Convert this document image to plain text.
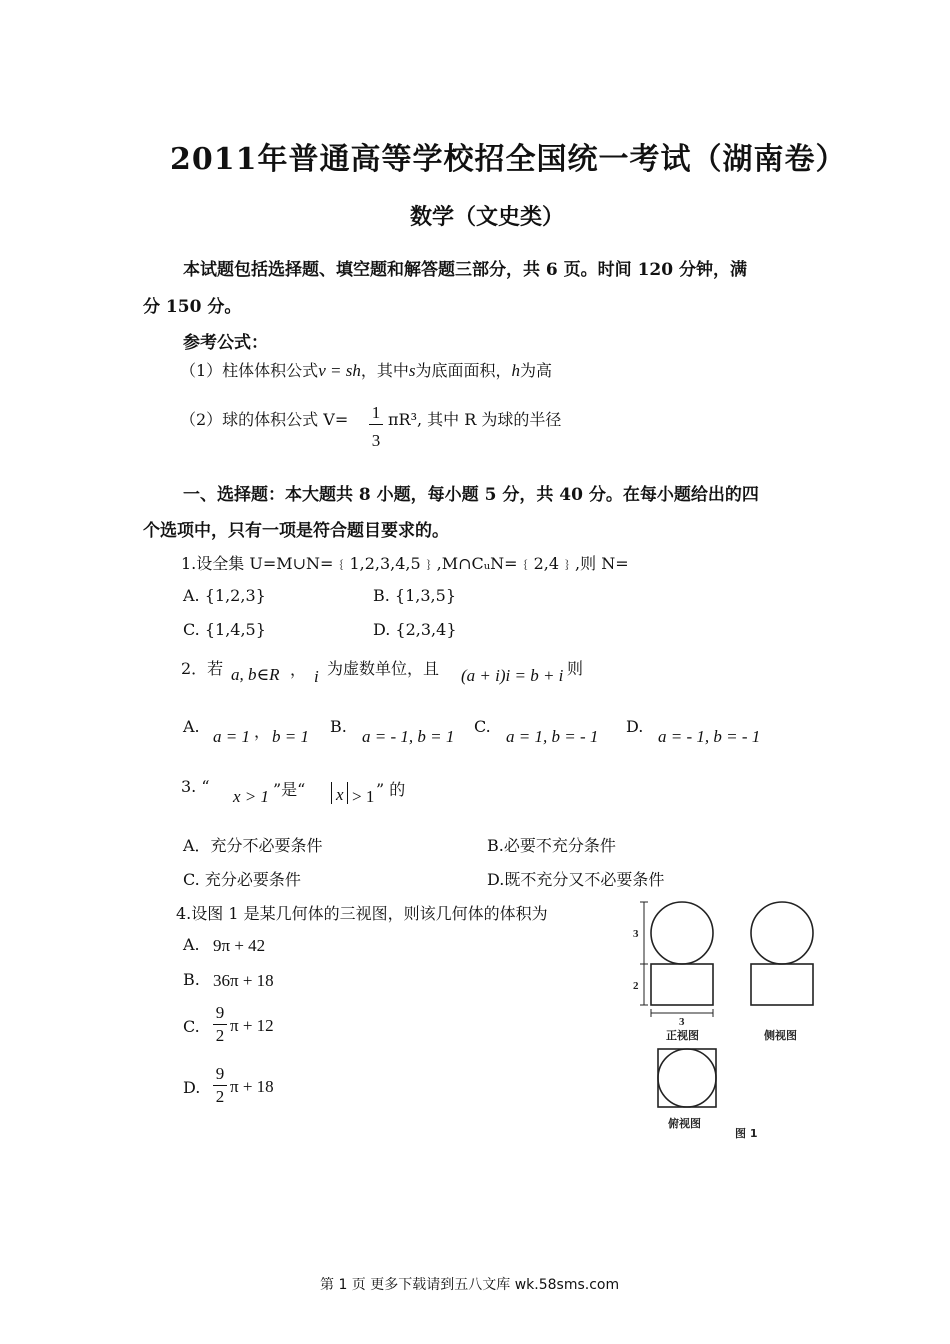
2011年普通高等学校招全国统一考试（湖南卷）
数学（文史类）
本试题包括选择题、填空题和解答题三部分，共 6 页。时间 120 分钟，满
分 150 分。
参考公式：
（1）柱体体积公式v = sh，其中s为底面面积，h为高
（2）球的体积公式 V= 1
3
πR³, 其中 R 为球的半径
一、选择题：本大题共 8 小题，每小题 5 分，共 40 分。在每小题给出的四
个选项中，只有一项是符合题目要求的。
1.设全集 U=M∪N=﹛1,2,3,4,5﹜,M∩CᵤN=﹛2,4﹜,则 N=
A. {1,2,3}	B. {1,3,5}
C. {1,4,5}	D. {2,3,4}
2．若 a, b∈R ， i 为虚数单位，且 (a + i)i = b + i 则
A.
a = 1 ， b = 1
B.
a = - 1, b = 1
C.
a = 1, b = - 1
D.
a = - 1, b = - 1
3. “
x > 1 ”是“ x > 1 ” 的
A．充分不必要条件	B.必要不充分条件
C. 充分必要条件	D.既不充分又不必要条件
4.设图 1 是某几何体的三视图，则该几何体的体积为
A. 9π + 42
B. 36π + 18
C.
9
2
π + 12
D.
9
2
π + 18
3
2
3
正视图	侧视图
俯视图
图 1
第 1 页 更多下载请到五八文库 wk.58sms.com
